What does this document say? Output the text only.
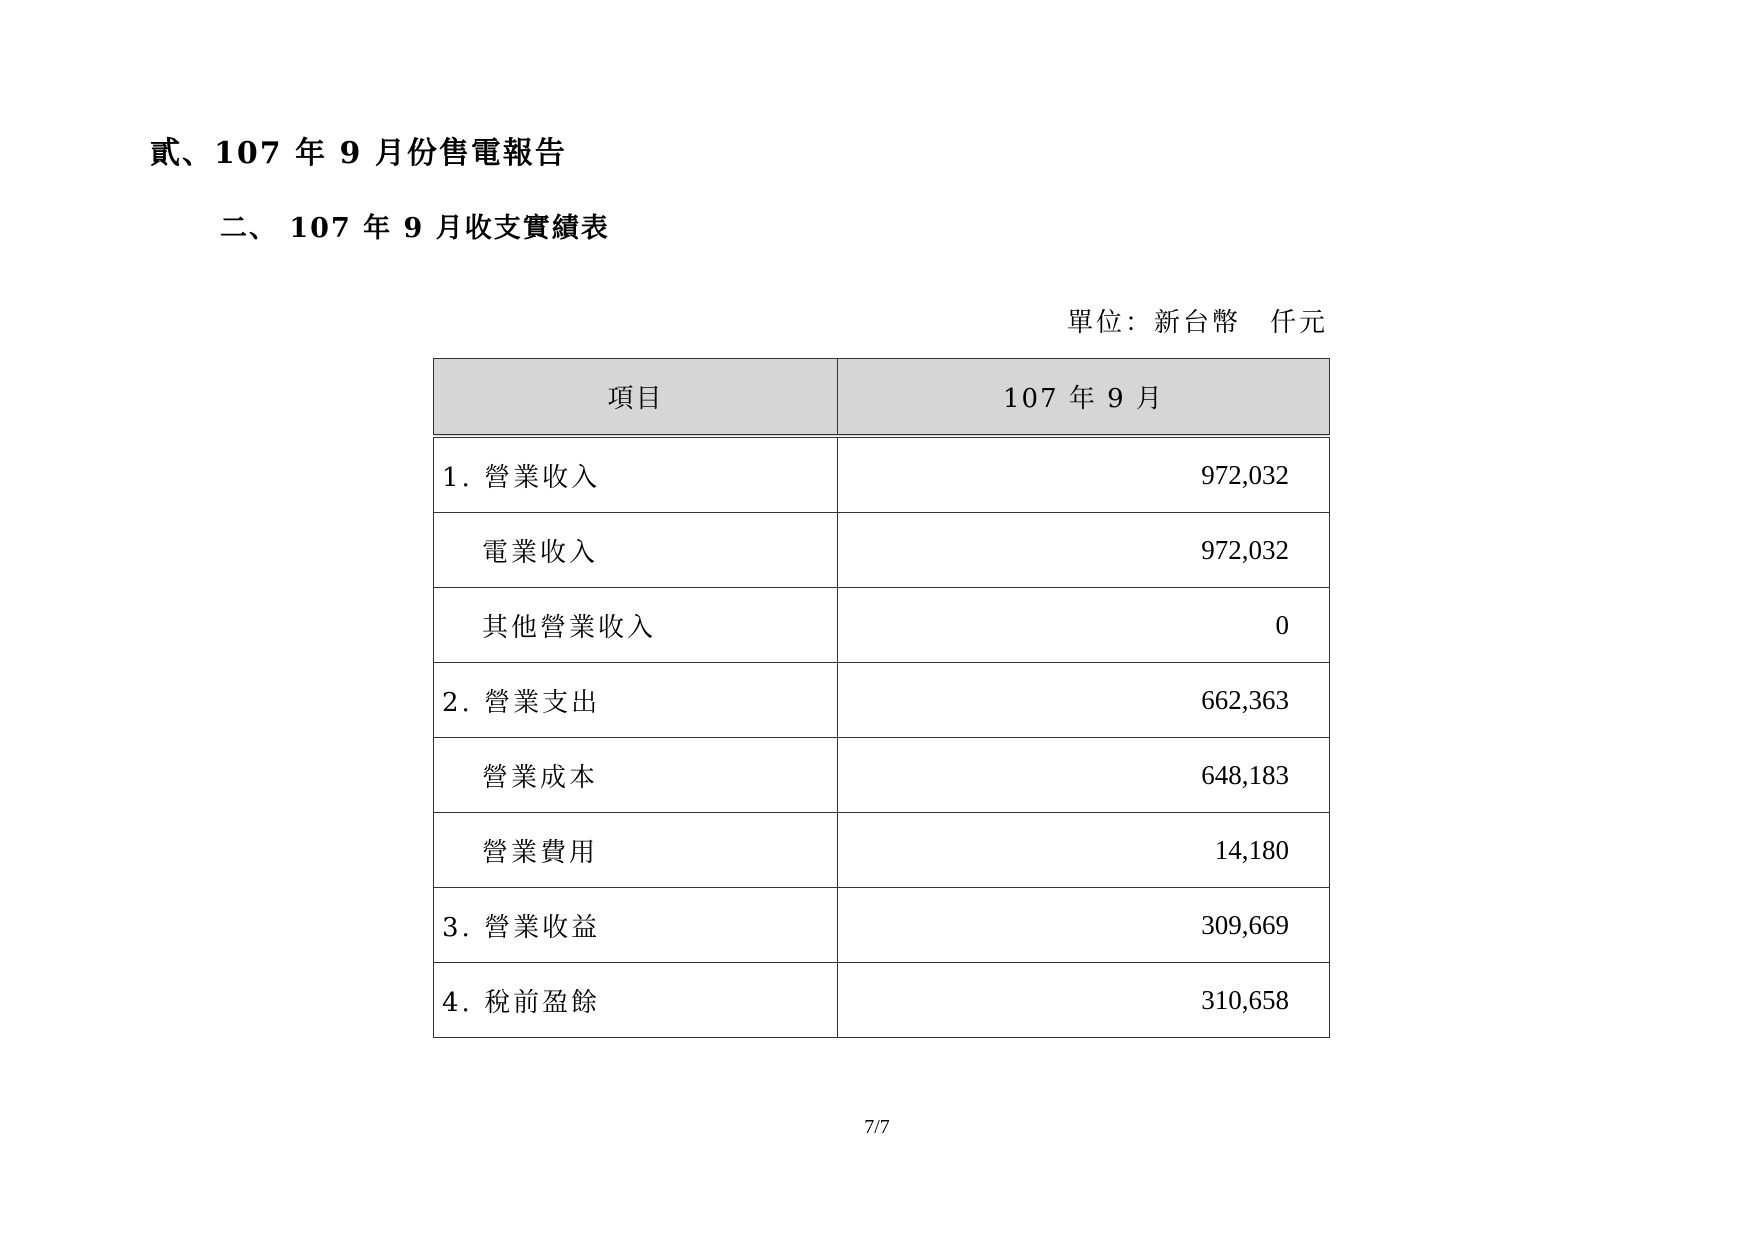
貳、107 年 9 月份售電報告
二、 107 年 9 月收支實績表
單位：新台幣　仟元
項目	107 年 9 月
1. 營業收入	972,032
電業收入	972,032
其他營業收入	0
2. 營業支出	662,363
營業成本	648,183
營業費用	14,180
3. 營業收益	309,669
4. 稅前盈餘	310,658
7/7
